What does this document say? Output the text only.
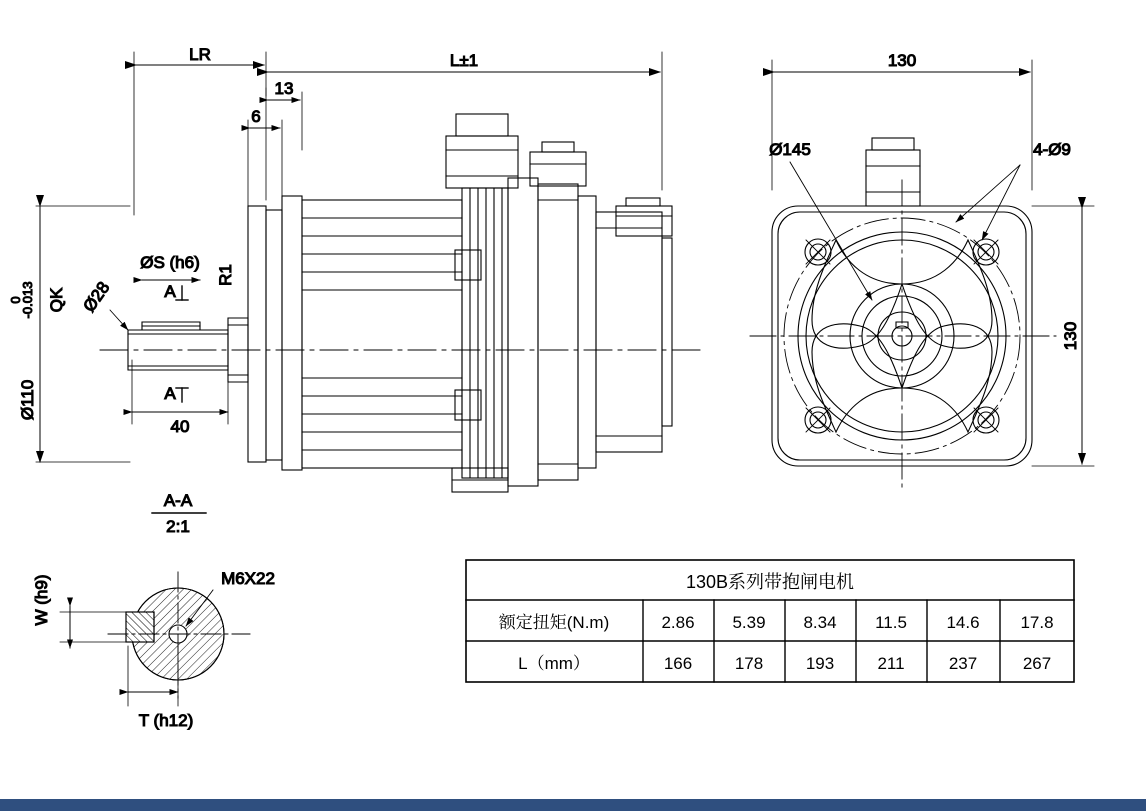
LR	L±1
13
6
Ø110
0
-0.013 QK Ø28
ØS (h6)
R1
A
A
40
130
130
Ø145	4-Ø9
A-A
2:1
M6X22
W (h9)
T (h12)
130B系列带抱闸电机
额定扭矩(N.m)	2.86 5.39 8.34 11.5 14.6 17.8
L（mm）	166	178	193	211	237	267
